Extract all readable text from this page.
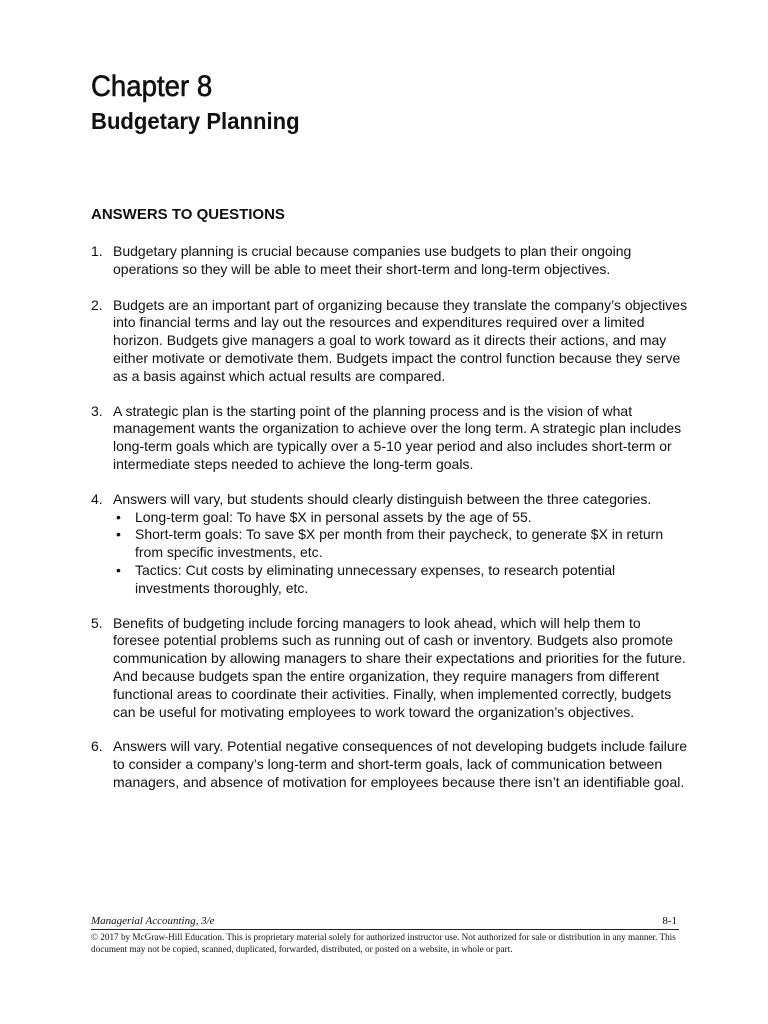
Chapter 8
Budgetary Planning
ANSWERS TO QUESTIONS
1. Budgetary planning is crucial because companies use budgets to plan their ongoing operations so they will be able to meet their short-term and long-term objectives.
2. Budgets are an important part of organizing because they translate the company’s objectives into financial terms and lay out the resources and expenditures required over a limited horizon. Budgets give managers a goal to work toward as it directs their actions, and may either motivate or demotivate them. Budgets impact the control function because they serve as a basis against which actual results are compared.
3. A strategic plan is the starting point of the planning process and is the vision of what management wants the organization to achieve over the long term. A strategic plan includes long-term goals which are typically over a 5-10 year period and also includes short-term or intermediate steps needed to achieve the long-term goals.
4. Answers will vary, but students should clearly distinguish between the three categories.
• Long-term goal: To have $X in personal assets by the age of 55.
• Short-term goals: To save $X per month from their paycheck, to generate $X in return from specific investments, etc.
• Tactics: Cut costs by eliminating unnecessary expenses, to research potential investments thoroughly, etc.
5. Benefits of budgeting include forcing managers to look ahead, which will help them to foresee potential problems such as running out of cash or inventory. Budgets also promote communication by allowing managers to share their expectations and priorities for the future. And because budgets span the entire organization, they require managers from different functional areas to coordinate their activities. Finally, when implemented correctly, budgets can be useful for motivating employees to work toward the organization’s objectives.
6. Answers will vary. Potential negative consequences of not developing budgets include failure to consider a company’s long-term and short-term goals, lack of communication between managers, and absence of motivation for employees because there isn’t an identifiable goal.
Managerial Accounting, 3/e	8-1
© 2017 by McGraw-Hill Education. This is proprietary material solely for authorized instructor use. Not authorized for sale or distribution in any manner. This document may not be copied, scanned, duplicated, forwarded, distributed, or posted on a website, in whole or part.
